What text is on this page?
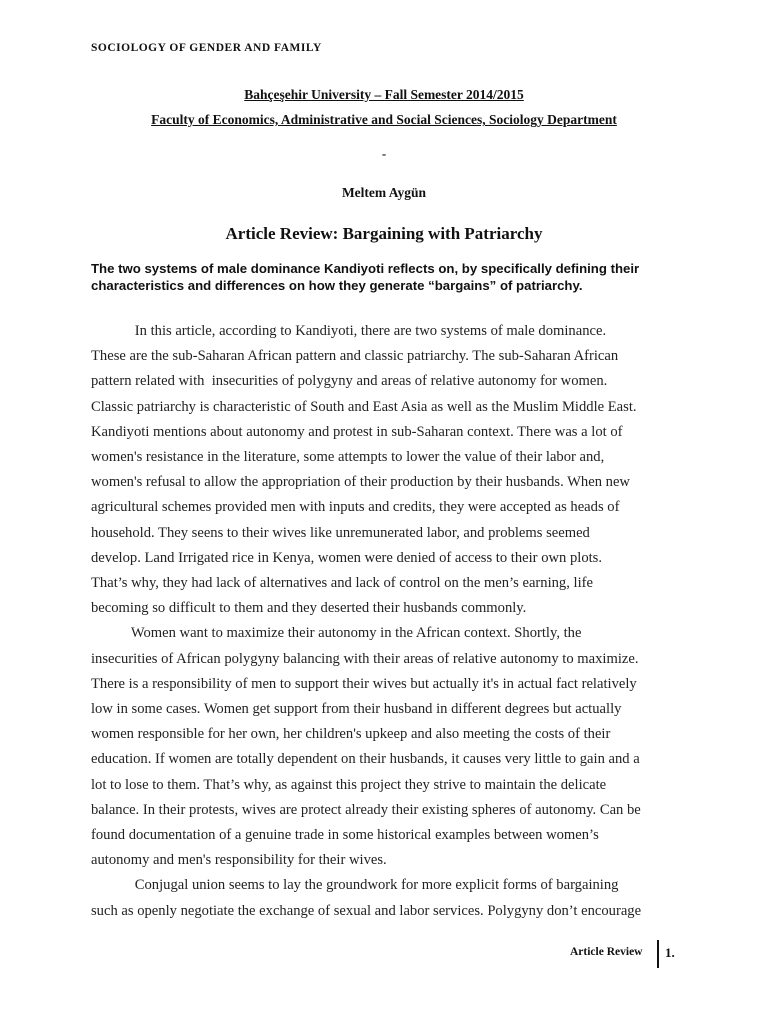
SOCIOLOGY OF GENDER AND FAMILY
Bahçeşehir University – Fall Semester 2014/2015
Faculty of Economics, Administrative and Social Sciences, Sociology Department
-
Meltem Aygün
Article Review: Bargaining with Patriarchy
The two systems of male dominance Kandiyoti reflects on, by specifically defining their characteristics and differences on how they generate “bargains” of patriarchy.
In this article, according to Kandiyoti, there are two systems of male dominance.
These are the sub-Saharan African pattern and classic patriarchy. The sub-Saharan African
pattern related with  insecurities of polygyny and areas of relative autonomy for women.
Classic patriarchy is characteristic of South and East Asia as well as the Muslim Middle East.
Kandiyoti mentions about autonomy and protest in sub-Saharan context. There was a lot of
women's resistance in the literature, some attempts to lower the value of their labor and,
women's refusal to allow the appropriation of their production by their husbands. When new
agricultural schemes provided men with inputs and credits, they were accepted as heads of
household. They seens to their wives like unremunerated labor, and problems seemed
develop. Land Irrigated rice in Kenya, women were denied of access to their own plots.
That’s why, they had lack of alternatives and lack of control on the men’s earning, life
becoming so difficult to them and they deserted their husbands commonly.
Women want to maximize their autonomy in the African context. Shortly, the
insecurities of African polygyny balancing with their areas of relative autonomy to maximize.
There is a responsibility of men to support their wives but actually it's in actual fact relatively
low in some cases. Women get support from their husband in different degrees but actually
women responsible for her own, her children's upkeep and also meeting the costs of their
education. If women are totally dependent on their husbands, it causes very little to gain and a
lot to lose to them. That’s why, as against this project they strive to maintain the delicate
balance. In their protests, wives are protect already their existing spheres of autonomy. Can be
found documentation of a genuine trade in some historical examples between women’s
autonomy and men's responsibility for their wives.
Conjugal union seems to lay the groundwork for more explicit forms of bargaining
such as openly negotiate the exchange of sexual and labor services. Polygyny don’t encourage
Article Review 1.
